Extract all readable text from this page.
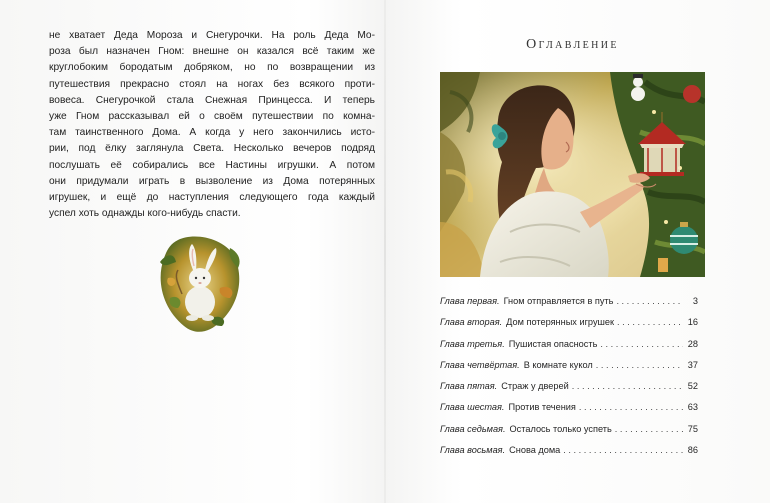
не хватает Деда Мороза и Снегурочки. На роль Деда Мо-
роза был назначен Гном: внешне он казался всё таким же
круглобоким бородатым добряком, но по возвращении из
путешествия прекрасно стоял на ногах без всякого проти-
вовеса. Снегурочкой стала Снежная Принцесса. И теперь
уже Гном рассказывал ей о своём путешествии по комна-
там таинственного Дома. А когда у него закончились исто-
рии, под ёлку заглянула Света. Несколько вечеров подряд
послушать её собирались все Настины игрушки. А потом
они придумали играть в вызволение из Дома потерянных
игрушек, и ещё до наступления следующего года каждый
успел хоть однажды кого-нибудь спасти.
Оглавление
Глава первая. Гном отправляется в путь . . .	3
Глава вторая. Дом потерянных игрушек . . .	16
Глава третья. Пушистая опасность . . .	28
Глава четвёртая. В комнате кукол . . .	37
Глава пятая. Страж у дверей . . .	52
Глава шестая. Против течения . . .	63
Глава седьмая. Осталось только успеть . . .	75
Глава восьмая. Снова дома . . .	86
